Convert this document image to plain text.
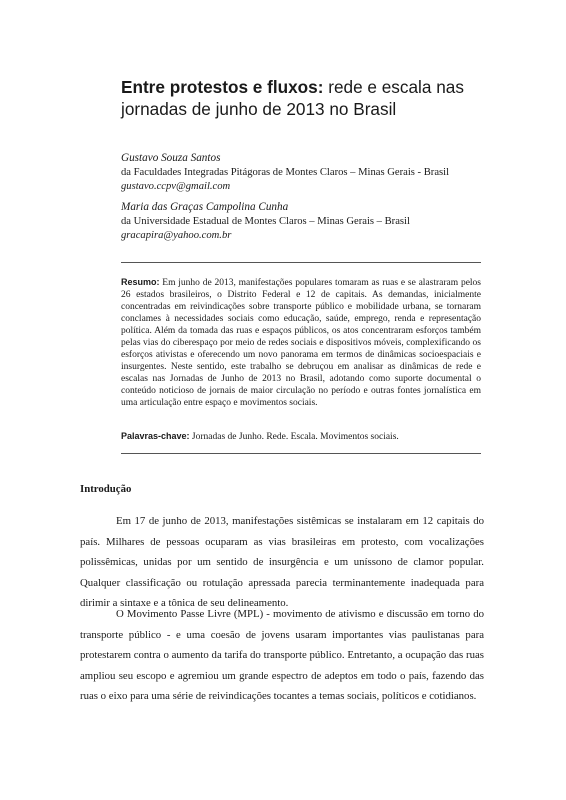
Entre protestos e fluxos: rede e escala nas jornadas de junho de 2013 no Brasil
Gustavo Souza Santos
da Faculdades Integradas Pitágoras de Montes Claros – Minas Gerais - Brasil
gustavo.ccpv@gmail.com
Maria das Graças Campolina Cunha
da Universidade Estadual de Montes Claros – Minas Gerais – Brasil
gracapira@yahoo.com.br
Resumo: Em junho de 2013, manifestações populares tomaram as ruas e se alastraram pelos 26 estados brasileiros, o Distrito Federal e 12 de capitais. As demandas, inicialmente concentradas em reivindicações sobre transporte público e mobilidade urbana, se tornaram conclames à necessidades sociais como educação, saúde, emprego, renda e representação política. Além da tomada das ruas e espaços públicos, os atos concentraram esforços também pelas vias do ciberespaço por meio de redes sociais e dispositivos móveis, complexificando os esforços ativistas e oferecendo um novo panorama em termos de dinâmicas socioespaciais e insurgentes. Neste sentido, este trabalho se debruçou em analisar as dinâmicas de rede e escalas nas Jornadas de Junho de 2013 no Brasil, adotando como suporte documental o conteúdo noticioso de jornais de maior circulação no período e outras fontes jornalística em uma articulação entre espaço e movimentos sociais.
Palavras-chave: Jornadas de Junho. Rede. Escala. Movimentos sociais.
Introdução

Em 17 de junho de 2013, manifestações sistêmicas se instalaram em 12 capitais do país. Milhares de pessoas ocuparam as vias brasileiras em protesto, com vocalizações polissêmicas, unidas por um sentido de insurgência e um uníssono de clamor popular. Qualquer classificação ou rotulação apressada parecia terminantemente inadequada para dirimir a sintaxe e a tônica de seu delineamento.

O Movimento Passe Livre (MPL) - movimento de ativismo e discussão em torno do transporte público - e uma coesão de jovens usaram importantes vias paulistanas para protestarem contra o aumento da tarifa do transporte público. Entretanto, a ocupação das ruas ampliou seu escopo e agremiou um grande espectro de adeptos em todo o país, fazendo das ruas o eixo para uma série de reivindicações tocantes a temas sociais, políticos e cotidianos.
